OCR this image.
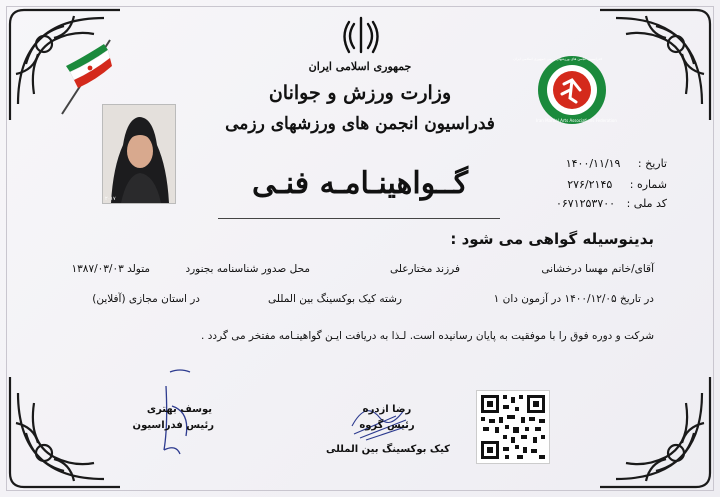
جمهوری اسلامی ایران
وزارت ورزش و جوانان
فدراسیون انجمن های ورزشهای رزمی
گــواهینـامـه فنـی
Iran Martial Arts Associations Federation
فدراسیون انجمن های ورزشهای رزمی جمهوری اسلامی ایران
تاریخ : ۱۴۰۰/۱۱/۱۹
شماره : ۲۷۶/۲۱۴۵
کد ملی : ۰۶۷۱۲۵۳۷۰۰
۲۰۱۷
بدینوسیله گواهی می شود :
آقای/خانم مهسا درخشانی
فرزند مختارعلی
محل صدور شناسنامه بجنورد
متولد ۱۳۸۷/۰۳/۰۳
در تاریخ ۱۴۰۰/۱۲/۰۵ در آزمون دان ۱
رشته کیک بوکسینگ بین المللی
در استان مجازی (آفلاین)
شرکت و دوره فوق را با موفقیت به پایان رسانیده است. لـذا به دریافت ایـن گواهینـامه مفتخر می گردد .
یوسف بهتری
رئیس فدراسیون
رضا ازدره
رئیس گروه
کیک بوکسینگ بین المللی
